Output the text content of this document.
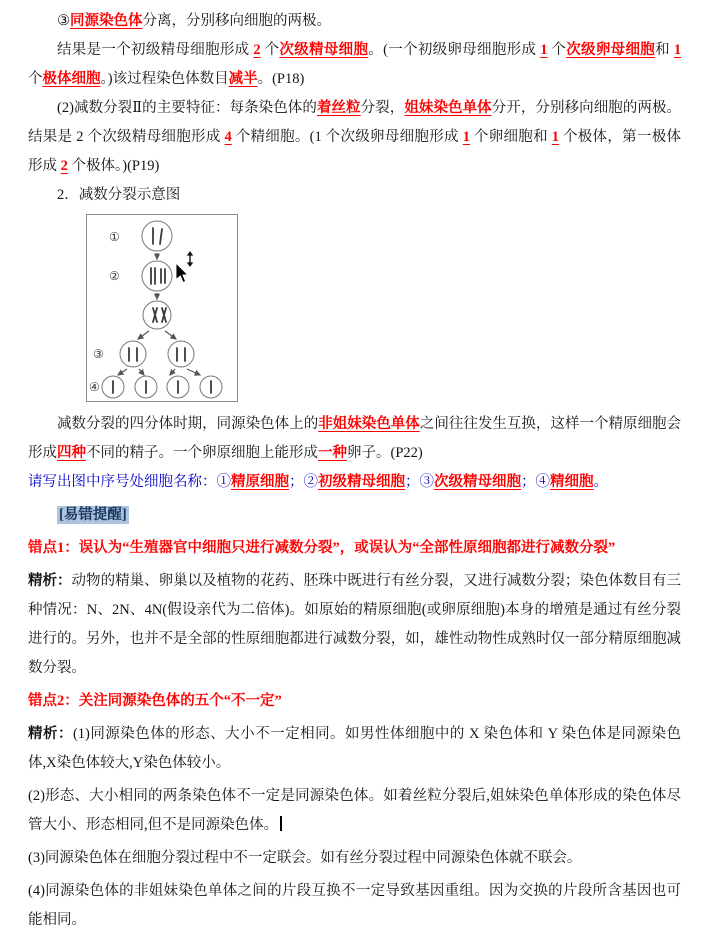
③同源染色体分离，分别移向细胞的两极。

结果是一个初级精母细胞形成 2 个次级精母细胞。(一个初级卵母细胞形成 1 个次级卵母细胞和 1 个极体细胞。)该过程染色体数目减半。(P18)

(2)减数分裂Ⅱ的主要特征：每条染色体的着丝粒分裂，姐妹染色单体分开，分别移向细胞的两极。结果是 2 个次级精母细胞形成 4 个精细胞。(1 个次级卵母细胞形成 1 个卵细胞和 1 个极体，第一极体形成 2 个极体。)(P19)

2．减数分裂示意图

①
②
③
④

减数分裂的四分体时期，同源染色体上的非姐妹染色单体之间往往发生互换，这样一个精原细胞会形成四种不同的精子。一个卵原细胞上能形成一种卵子。(P22)

请写出图中序号处细胞名称：①精原细胞；②初级精母细胞；③次级精母细胞；④精细胞。

[易错提醒]

错点1：误认为“生殖器官中细胞只进行减数分裂”，或误认为“全部性原细胞都进行减数分裂”

精析：动物的精巢、卵巢以及植物的花药、胚珠中既进行有丝分裂，又进行减数分裂；染色体数目有三种情况：N、2N、4N(假设亲代为二倍体)。如原始的精原细胞(或卵原细胞)本身的增殖是通过有丝分裂进行的。另外，也并不是全部的性原细胞都进行减数分裂，如，雄性动物性成熟时仅一部分精原细胞减数分裂。

错点2：关注同源染色体的五个“不一定”

精析：(1)同源染色体的形态、大小不一定相同。如男性体细胞中的 X 染色体和 Y 染色体是同源染色体,X染色体较大,Y染色体较小。

(2)形态、大小相同的两条染色体不一定是同源染色体。如着丝粒分裂后,姐妹染色单体形成的染色体尽管大小、形态相同,但不是同源染色体。

(3)同源染色体在细胞分裂过程中不一定联会。如有丝分裂过程中同源染色体就不联会。

(4)同源染色体的非姐妹染色单体之间的片段互换不一定导致基因重组。因为交换的片段所含基因也可能相同。
